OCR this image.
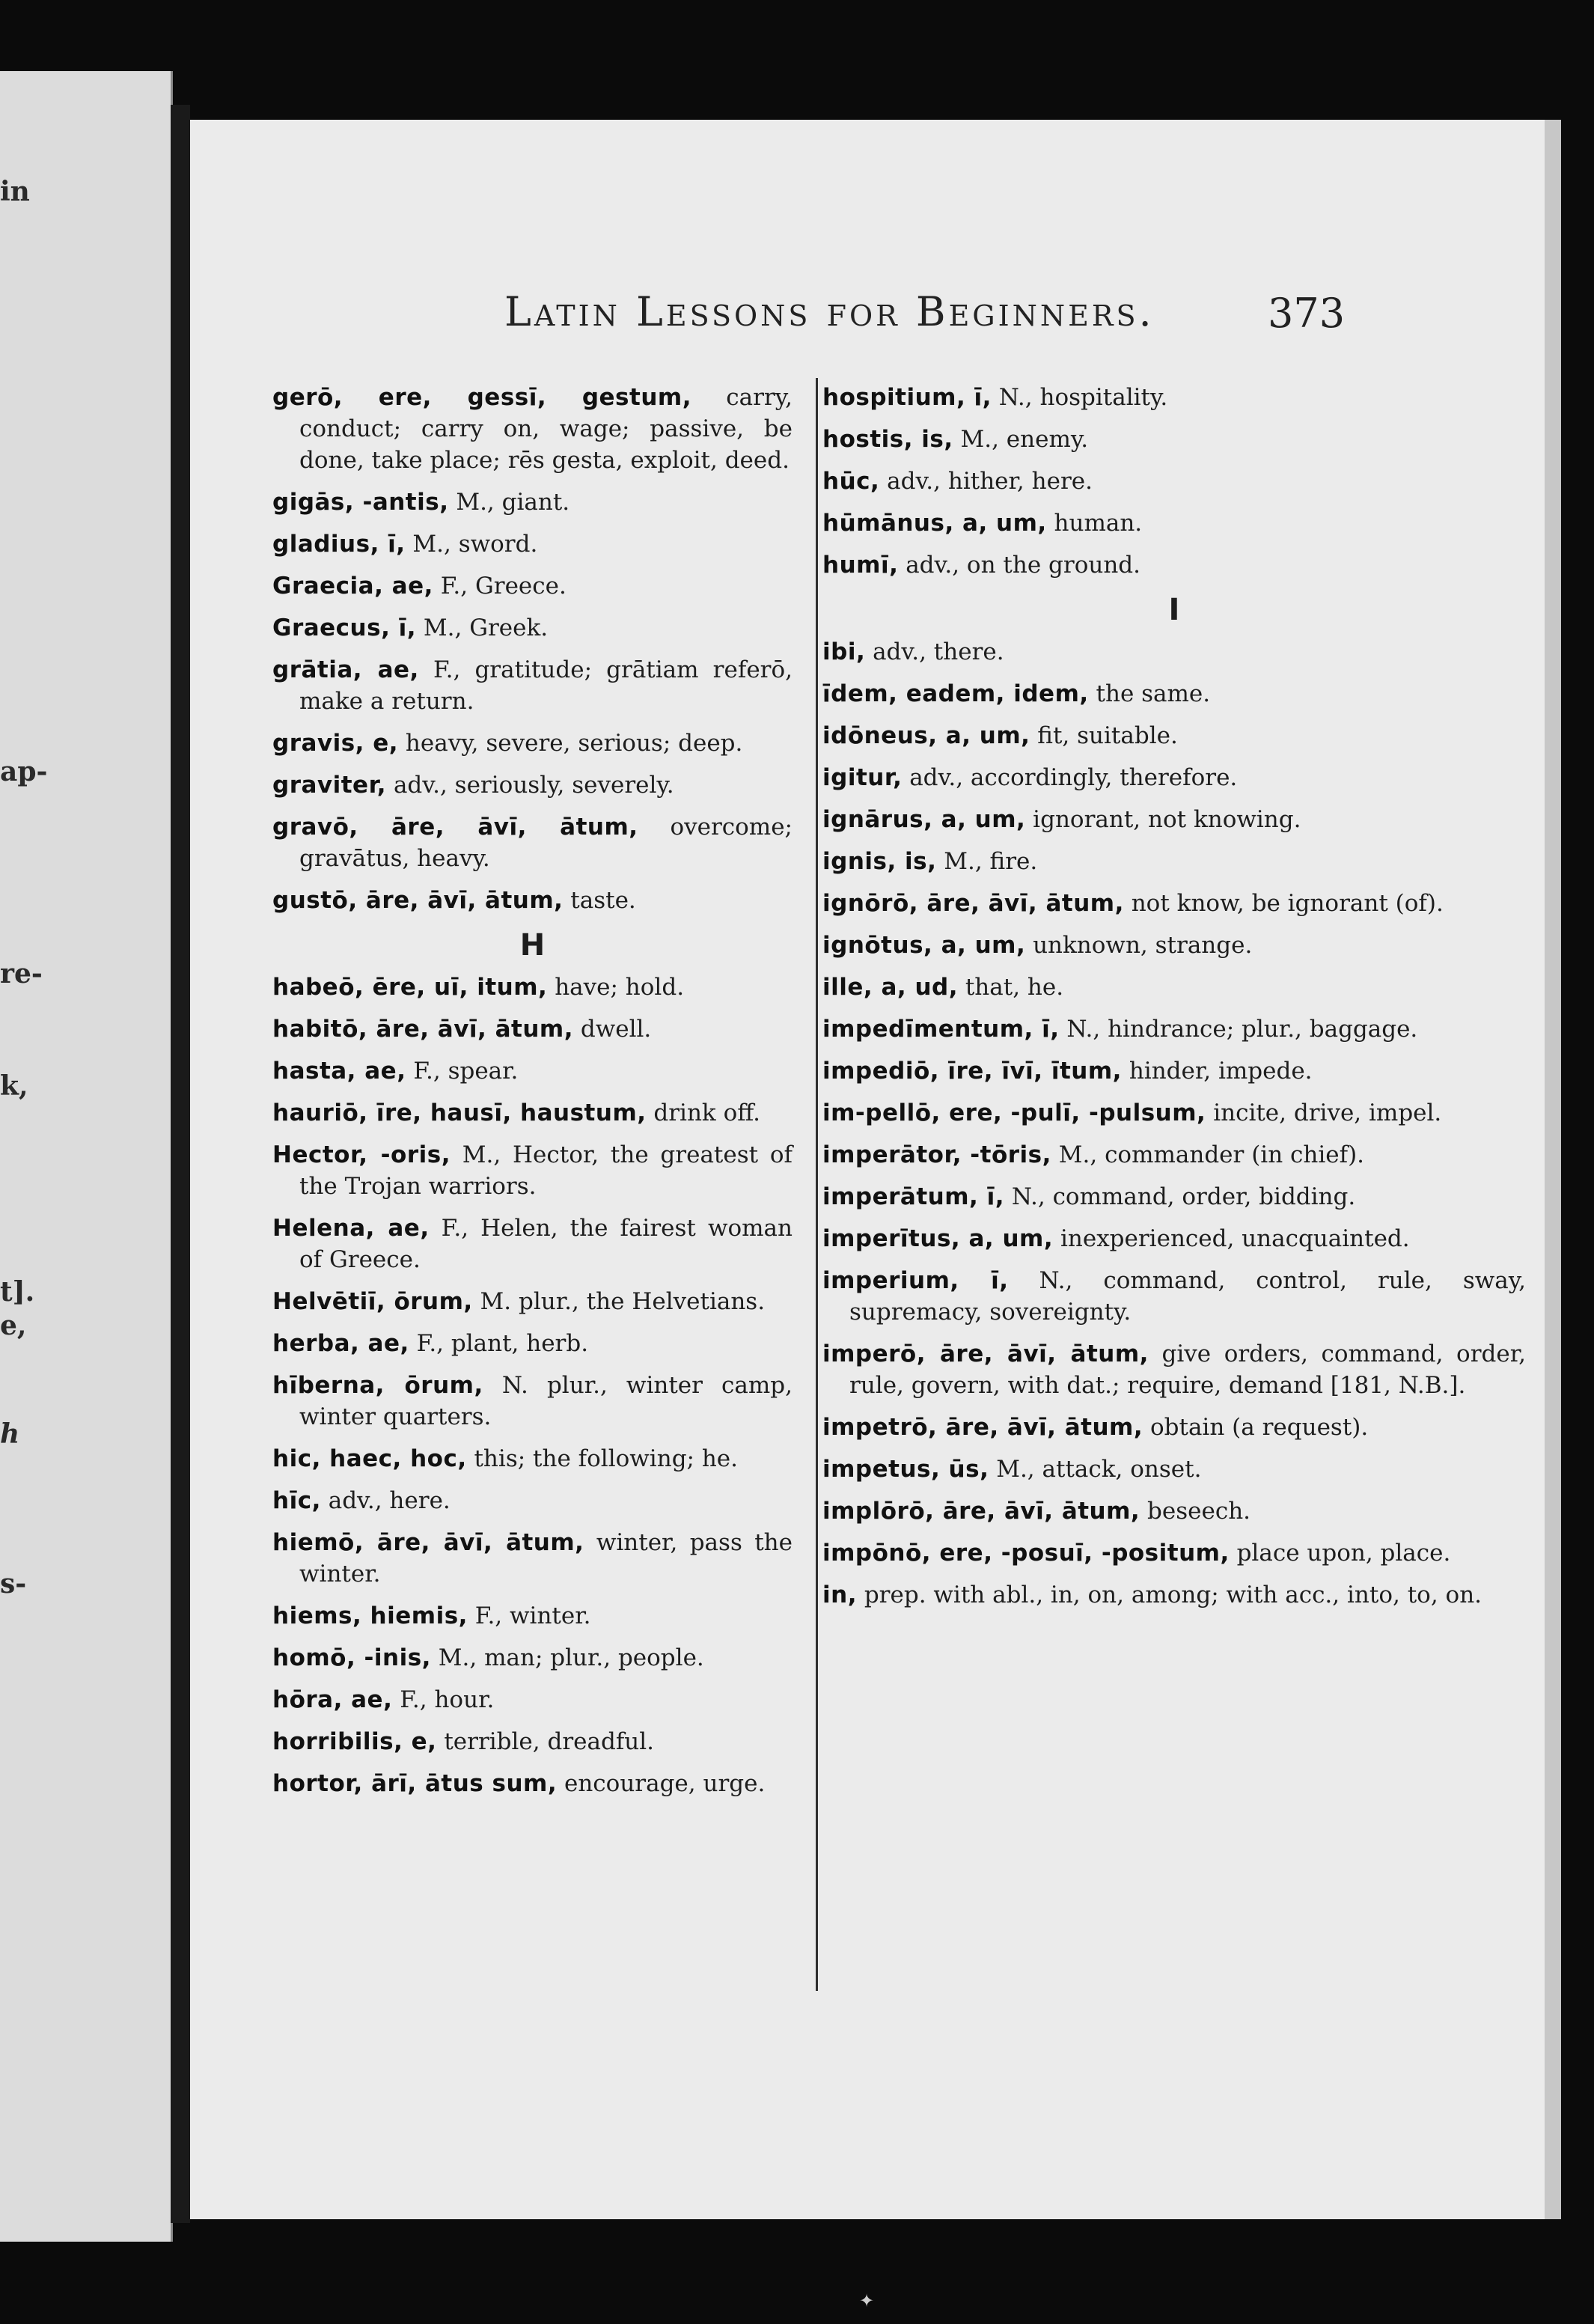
in
ap-
re-
k,
t].
e,
h
s-
Latin Lessons for Beginners.	373

gerō, ere, gessī, gestum, carry, conduct; carry on, wage; passive, be done, take place; rēs gesta, exploit, deed.

gigās, -antis, M., giant.

gladius, ī, M., sword.

Graecia, ae, F., Greece.

Graecus, ī, M., Greek.

grātia, ae, F., gratitude; grātiam referō, make a return.

gravis, e, heavy, severe, serious; deep.

graviter, adv., seriously, severely.

gravō, āre, āvī, ātum, overcome; gravātus, heavy.

gustō, āre, āvī, ātum, taste.

H

habeō, ēre, uī, itum, have; hold.

habitō, āre, āvī, ātum, dwell.

hasta, ae, F., spear.

hauriō, īre, hausī, haustum, drink off.

Hector, -oris, M., Hector, the greatest of the Trojan warriors.

Helena, ae, F., Helen, the fairest woman of Greece.

Helvētiī, ōrum, M. plur., the Helvetians.

herba, ae, F., plant, herb.

hīberna, ōrum, N. plur., winter camp, winter quarters.

hic, haec, hoc, this; the following; he.

hīc, adv., here.

hiemō, āre, āvī, ātum, winter, pass the winter.

hiems, hiemis, F., winter.

homō, -inis, M., man; plur., people.

hōra, ae, F., hour.

horribilis, e, terrible, dreadful.

hortor, ārī, ātus sum, encourage, urge.

hospitium, ī, N., hospitality.

hostis, is, M., enemy.

hūc, adv., hither, here.

hūmānus, a, um, human.

humī, adv., on the ground.

I

ibi, adv., there.

īdem, eadem, idem, the same.

idōneus, a, um, fit, suitable.

igitur, adv., accordingly, therefore.

ignārus, a, um, ignorant, not knowing.

ignis, is, M., fire.

ignōrō, āre, āvī, ātum, not know, be ignorant (of).

ignōtus, a, um, unknown, strange.

ille, a, ud, that, he.

impedīmentum, ī, N., hindrance; plur., baggage.

impediō, īre, īvī, ītum, hinder, impede.

im-pellō, ere, -pulī, -pulsum, incite, drive, impel.

imperātor, -tōris, M., commander (in chief).

imperātum, ī, N., command, order, bidding.

imperītus, a, um, inexperienced, unacquainted.

imperium, ī, N., command, control, rule, sway, supremacy, sovereignty.

imperō, āre, āvī, ātum, give orders, command, order, rule, govern, with dat.; require, demand [181, N.B.].

impetrō, āre, āvī, ātum, obtain (a request).

impetus, ūs, M., attack, onset.

implōrō, āre, āvī, ātum, beseech.

impōnō, ere, -posuī, -positum, place upon, place.

in, prep. with abl., in, on, among; with acc., into, to, on.

✦
